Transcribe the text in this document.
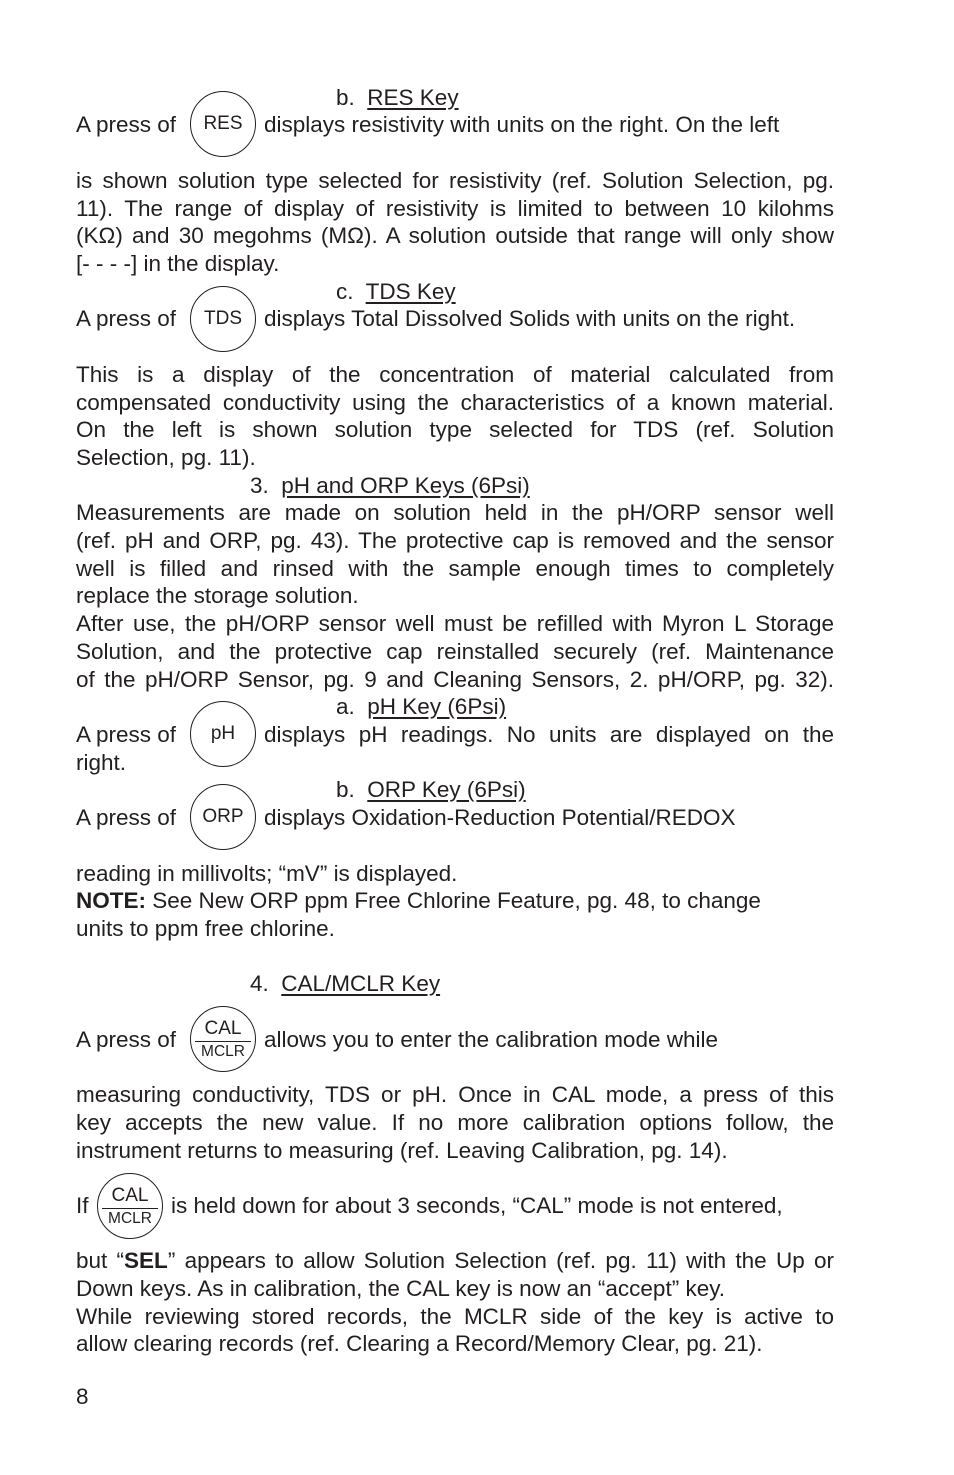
b. RES Key
A press of RES displays resistivity with units on the right. On the left
is shown solution type selected for resistivity (ref. Solution Selection, pg.
11). The range of display of resistivity is limited to between 10 kilohms
(KΩ) and 30 megohms (MΩ). A solution outside that range will only show
[- - - -] in the display.
c. TDS Key
A press of TDS displays Total Dissolved Solids with units on the right.
This is a display of the concentration of material calculated from
compensated conductivity using the characteristics of a known material.
On the left is shown solution type selected for TDS (ref. Solution
Selection, pg. 11).
3. pH and ORP Keys (6Psi)
Measurements are made on solution held in the pH/ORP sensor well
(ref. pH and ORP, pg. 43). The protective cap is removed and the sensor
well is filled and rinsed with the sample enough times to completely
replace the storage solution.
After use, the pH/ORP sensor well must be refilled with Myron L Storage
Solution, and the protective cap reinstalled securely (ref. Maintenance
of the pH/ORP Sensor, pg. 9 and Cleaning Sensors, 2. pH/ORP, pg. 32).
a. pH Key (6Psi)
A press of pH displays pH readings. No units are displayed on the
right.
b. ORP Key (6Psi)
A press of ORP displays Oxidation-Reduction Potential/REDOX
reading in millivolts; “mV” is displayed.
NOTE: See New ORP ppm Free Chlorine Feature, pg. 48, to change
units to ppm free chlorine.
4. CAL/MCLR Key
A press of CAL
MCLR allows you to enter the calibration mode while
measuring conductivity, TDS or pH. Once in CAL mode, a press of this
key accepts the new value. If no more calibration options follow, the
instrument returns to measuring (ref. Leaving Calibration, pg. 14).
If CAL
MCLR is held down for about 3 seconds, “CAL” mode is not entered,
but “SEL” appears to allow Solution Selection (ref. pg. 11) with the Up or
Down keys. As in calibration, the CAL key is now an “accept” key.
While reviewing stored records, the MCLR side of the key is active to
allow clearing records (ref. Clearing a Record/Memory Clear, pg. 21).
8
